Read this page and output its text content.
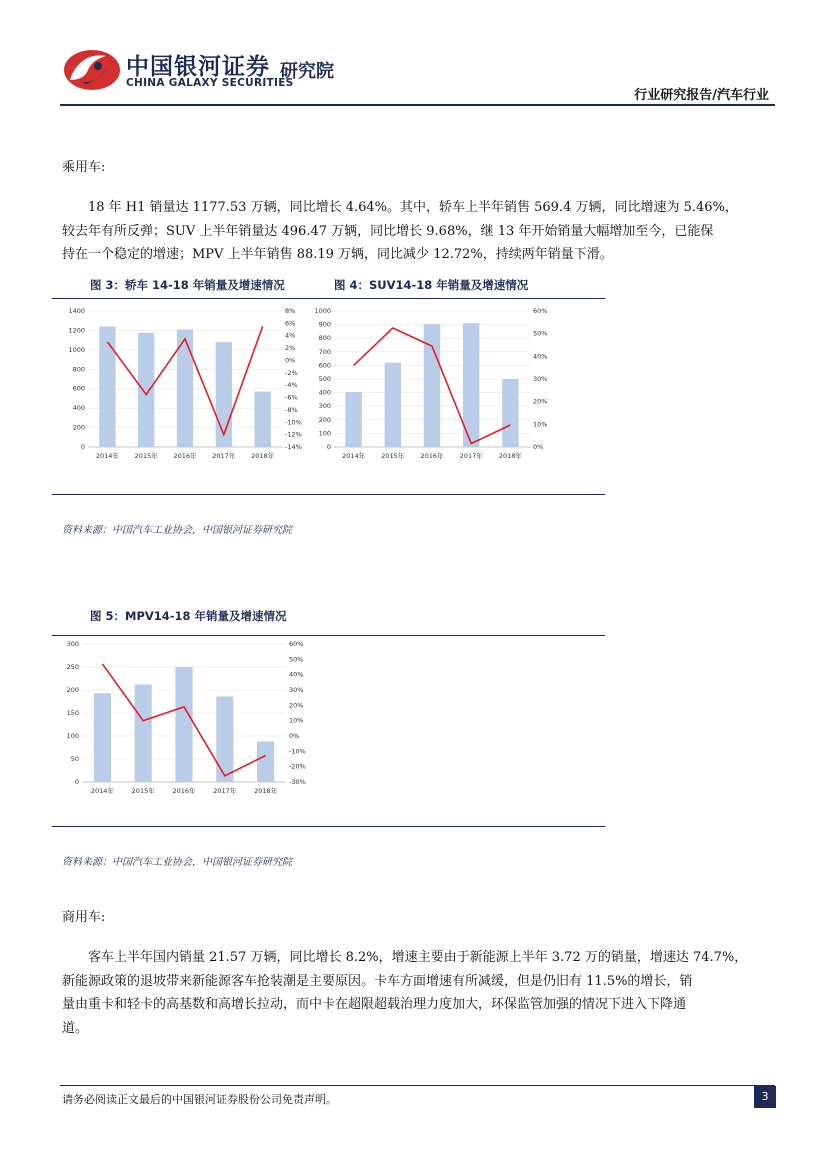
中国银河证券
CHINA GALAXY SECURITIES
研究院
行业研究报告/汽车行业
乘用车:
18 年 H1 销量达 1177.53 万辆，同比增长 4.64%。其中，轿车上半年销售 569.4 万辆，同比增速为 5.46%，
较去年有所反弹；SUV 上半年销量达 496.47 万辆，同比增长 9.68%，继 13 年开始销量大幅增加至今，已能保
持在一个稳定的增速；MPV 上半年销售 88.19 万辆，同比减少 12.72%，持续两年销量下滑。
图 3：轿车 14-18 年销量及增速情况	图 4：SUV14-18 年销量及增速情况
0
200
400
600
800
1000
1200
1400	8%
6%
4%
2%
0%
-2%
-4%
-6%
-8%
-10%
-12%
-14%
2014年 2015年 2016年 2017年 2018年
0
100
200
300
400
500
600
700
800
900
1000	60%
50%
40%
30%
20%
10%
0%
2014年 2015年 2016年 2017年 2018年
资料来源：中国汽车工业协会，中国银河证券研究院
图 5：MPV14-18 年销量及增速情况
0
50
100
150
200
250
300	60%
50%
40%
30%
20%
10%
0%
-10%
-20%
-30%
2014年	2015年	2016年	2017年	2018年
资料来源：中国汽车工业协会，中国银河证券研究院
商用车:
客车上半年国内销量 21.57 万辆，同比增长 8.2%，增速主要由于新能源上半年 3.72 万的销量，增速达 74.7%，
新能源政策的退坡带来新能源客车抢装潮是主要原因。卡车方面增速有所减缓，但是仍旧有 11.5%的增长，销
量由重卡和轻卡的高基数和高增长拉动，而中卡在超限超载治理力度加大，环保监管加强的情况下进入下降通
道。
请务必阅读正文最后的中国银河证券股份公司免责声明。	3
